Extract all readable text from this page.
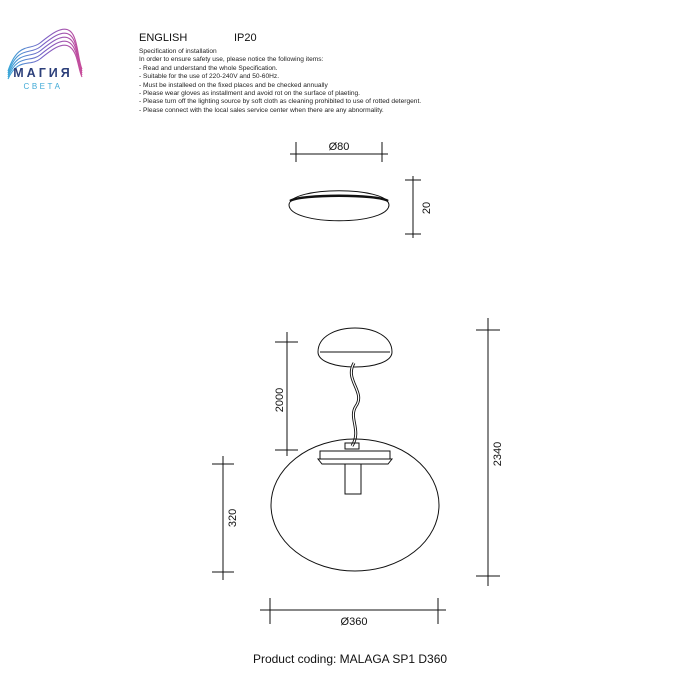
МАГИЯ
СВЕТА
ENGLISH	IP20
Specification of installation
In order to ensure safety use, please notice the following items:
- Read and understand the whole Specification.
- Suitable for the use of 220-240V and 50-60Hz.
- Must be installeed on the fixed places and be checked annually
- Please wear gloves as installment and avoid rot on the surface of plaeting.
- Please turn off the lighting source by soft cloth as cleaning prohibited to use of rotted detergent.
- Please connect with the local sales service center when there are any abnormality.
Ø80
20
2000
2340
320
Ø360
Product coding: MALAGA SP1 D360
